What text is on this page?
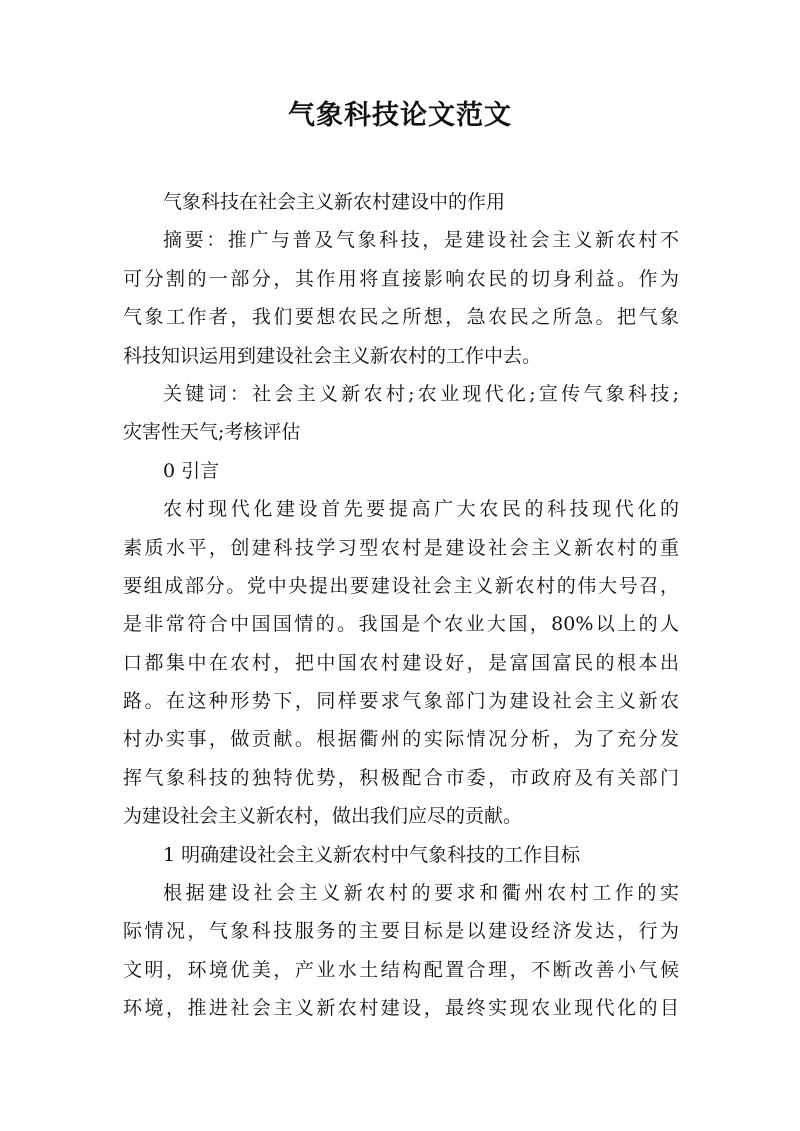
气象科技论文范文
气象科技在社会主义新农村建设中的作用
摘要：推广与普及气象科技，是建设社会主义新农村不
可分割的一部分，其作用将直接影响农民的切身利益。作为
气象工作者，我们要想农民之所想，急农民之所急。把气象
科技知识运用到建设社会主义新农村的工作中去。
关键词：社会主义新农村;农业现代化;宣传气象科技;
灾害性天气;考核评估
0 引言
农村现代化建设首先要提高广大农民的科技现代化的
素质水平，创建科技学习型农村是建设社会主义新农村的重
要组成部分。党中央提出要建设社会主义新农村的伟大号召，
是非常符合中国国情的。我国是个农业大国，80%以上的人
口都集中在农村，把中国农村建设好，是富国富民的根本出
路。在这种形势下，同样要求气象部门为建设社会主义新农
村办实事，做贡献。根据衢州的实际情况分析，为了充分发
挥气象科技的独特优势，积极配合市委，市政府及有关部门
为建设社会主义新农村，做出我们应尽的贡献。
1 明确建设社会主义新农村中气象科技的工作目标
根据建设社会主义新农村的要求和衢州农村工作的实
际情况，气象科技服务的主要目标是以建设经济发达，行为
文明，环境优美，产业水土结构配置合理，不断改善小气候
环境，推进社会主义新农村建设，最终实现农业现代化的目
